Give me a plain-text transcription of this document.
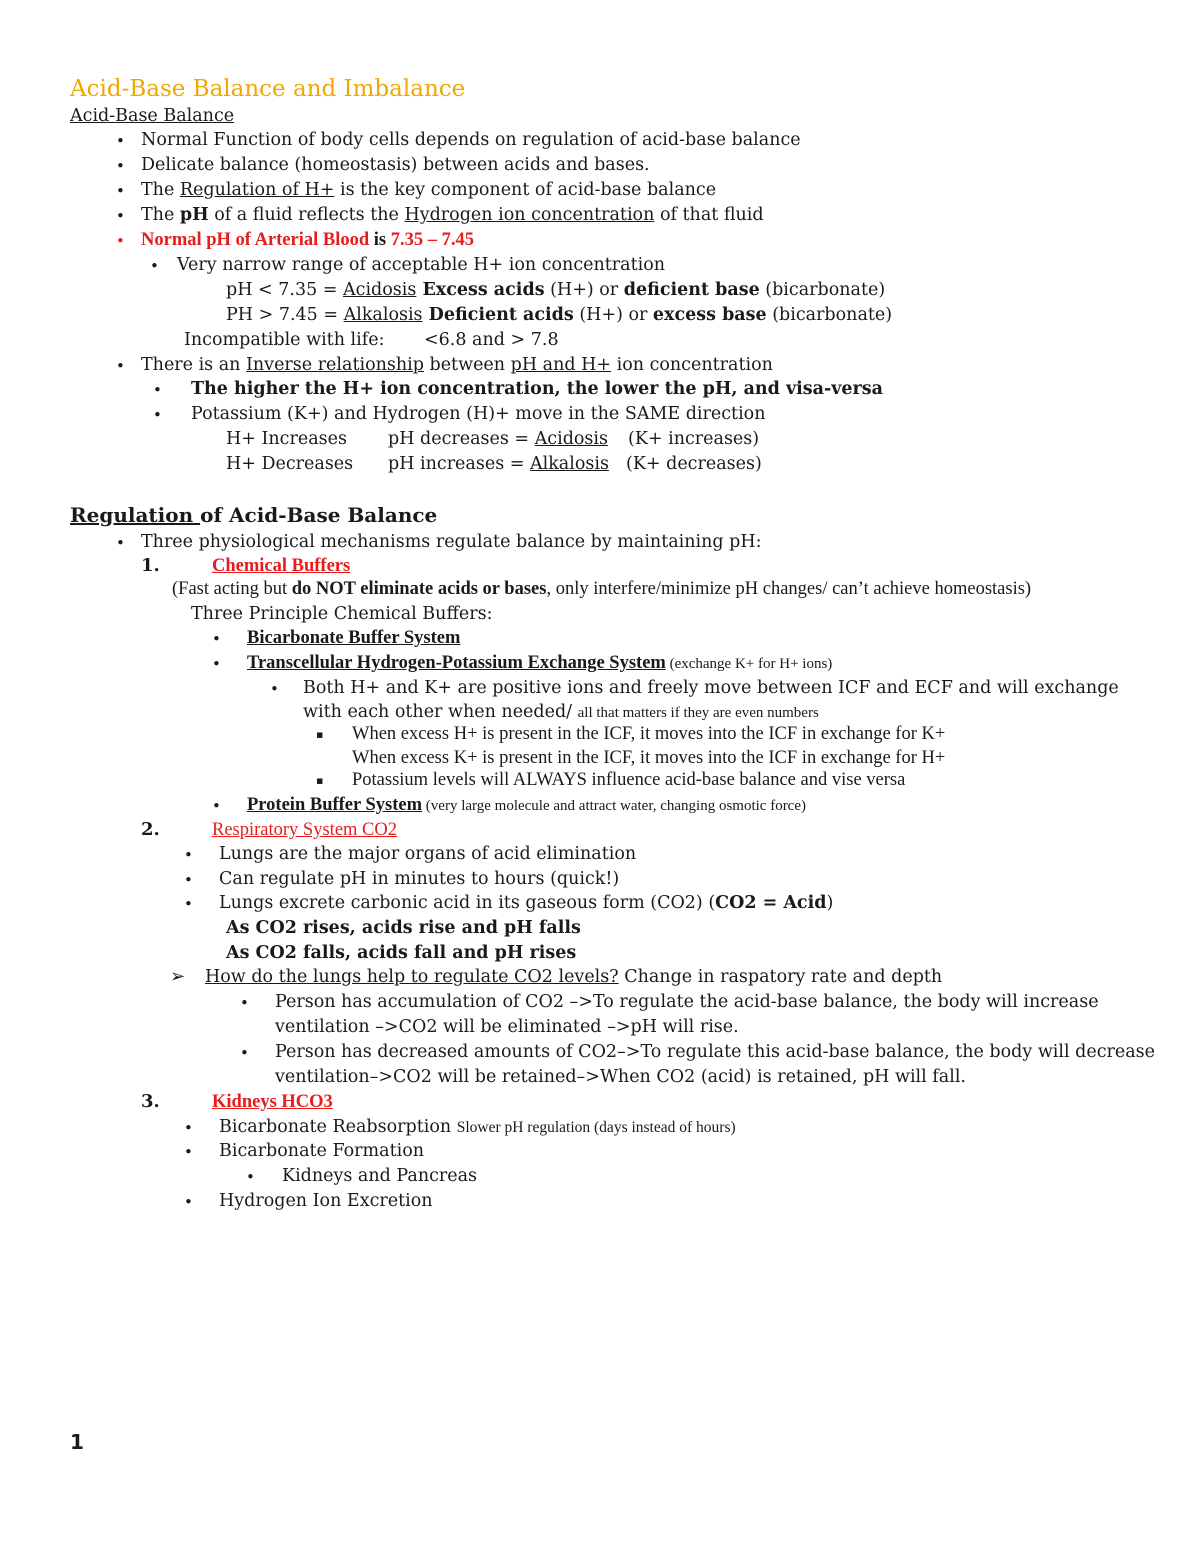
Acid-Base Balance and Imbalance
Acid-Base Balance
• Normal Function of body cells depends on regulation of acid-base balance
• Delicate balance (homeostasis) between acids and bases.
• The Regulation of H+ is the key component of acid-base balance
• The pH of a fluid reflects the Hydrogen ion concentration of that fluid
• Normal pH of Arterial Blood is 7.35 – 7.45
• Very narrow range of acceptable H+ ion concentration
pH < 7.35 = Acidosis Excess acids (H+) or deficient base (bicarbonate)
PH > 7.45 = Alkalosis Deficient acids (H+) or excess base (bicarbonate)
Incompatible with life: <6.8 and > 7.8
• There is an Inverse relationship between pH and H+ ion concentration
• The higher the H+ ion concentration, the lower the pH, and visa-versa
• Potassium (K+) and Hydrogen (H)+ move in the SAME direction
H+ Increases pH decreases = Acidosis (K+ increases)
H+ Decreases pH increases = Alkalosis (K+ decreases)
Regulation of Acid-Base Balance
• Three physiological mechanisms regulate balance by maintaining pH:
1.	Chemical Buffers
(Fast acting but do NOT eliminate acids or bases, only interfere/minimize pH changes/ can’t achieve homeostasis)
Three Principle Chemical Buffers:
• Bicarbonate Buffer System
• Transcellular Hydrogen-Potassium Exchange System (exchange K+ for H+ ions)
• Both H+ and K+ are positive ions and freely move between ICF and ECF and will exchange
with each other when needed/ all that matters if they are even numbers
▪ When excess H+ is present in the ICF, it moves into the ICF in exchange for K+
When excess K+ is present in the ICF, it moves into the ICF in exchange for H+
▪ Potassium levels will ALWAYS influence acid-base balance and vise versa
• Protein Buffer System (very large molecule and attract water, changing osmotic force)
2.	Respiratory System CO2
• Lungs are the major organs of acid elimination
• Can regulate pH in minutes to hours (quick!)
• Lungs excrete carbonic acid in its gaseous form (CO2) (CO2 = Acid)
As CO2 rises, acids rise and pH falls
As CO2 falls, acids fall and pH rises
➢ How do the lungs help to regulate CO2 levels? Change in raspatory rate and depth
• Person has accumulation of CO2 –>To regulate the acid-base balance, the body will increase
ventilation –>CO2 will be eliminated –>pH will rise.
• Person has decreased amounts of CO2–>To regulate this acid-base balance, the body will decrease
ventilation–>CO2 will be retained–>When CO2 (acid) is retained, pH will fall.
3.	Kidneys HCO3
• Bicarbonate Reabsorption Slower pH regulation (days instead of hours)
• Bicarbonate Formation
• Kidneys and Pancreas
• Hydrogen Ion Excretion
1
